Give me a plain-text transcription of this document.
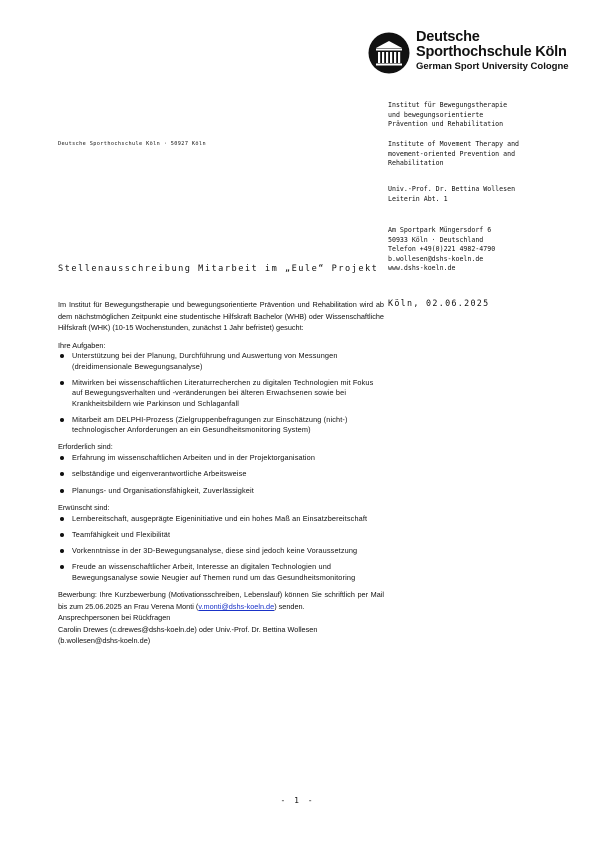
Deutsche
Sporthochschule Köln
German Sport University Cologne
Institut für Bewegungstherapie
und bewegungsorientierte
Prävention und Rehabilitation
Institute of Movement Therapy and
movement-oriented Prevention and
Rehabilitation
Univ.-Prof. Dr. Bettina Wollesen
Leiterin Abt. 1
Am Sportpark Müngersdorf 6
50933 Köln · Deutschland
Telefon +49(0)221 4982-4790
b.wollesen@dshs-koeln.de
www.dshs-koeln.de
Köln, 02.06.2025
Deutsche Sporthochschule Köln · 50927 Köln
Stellenausschreibung Mitarbeit im „Eule“ Projekt

Im Institut für Bewegungstherapie und bewegungsorientierte Prävention und Rehabilitation wird ab dem nächstmöglichen Zeitpunkt eine studentische Hilfskraft Bachelor (WHB) oder Wissenschaftliche Hilfskraft (WHK) (10-15 Wochenstunden, zunächst 1 Jahr befristet) gesucht:

Ihre Aufgaben:

Unterstützung bei der Planung, Durchführung und Auswertung von Messungen (dreidimensionale Bewegungsanalyse)
Mitwirken bei wissenschaftlichen Literaturrecherchen zu digitalen Technologien mit Fokus auf Bewegungsverhalten und -veränderungen bei älteren Erwachsenen sowie bei Krankheitsbildern wie Parkinson und Schlaganfall
Mitarbeit am DELPHI-Prozess (Zielgruppenbefragungen zur Einschätzung (nicht-) technologischer Anforderungen an ein Gesundheitsmonitoring System)

Erforderlich sind:

Erfahrung im wissenschaftlichen Arbeiten und in der Projektorganisation
selbständige und eigenverantwortliche Arbeitsweise
Planungs- und Organisationsfähigkeit, Zuverlässigkeit

Erwünscht sind:

Lernbereitschaft, ausgeprägte Eigeninitiative und ein hohes Maß an Einsatzbereitschaft
Teamfähigkeit und Flexibilität
Vorkenntnisse in der 3D-Bewegungsanalyse, diese sind jedoch keine Voraussetzung
Freude an wissenschaftlicher Arbeit, Interesse an digitalen Technologien und Bewegungsanalyse sowie Neugier auf Themen rund um das Gesundheitsmonitoring

Bewerbung: Ihre Kurzbewerbung (Motivationsschreiben, Lebenslauf) können Sie schriftlich per Mail bis zum 25.06.2025 an Frau Verena Monti (v.monti@dshs-koeln.de) senden.

Ansprechpersonen bei Rückfragen

Carolin Drewes (c.drewes@dshs-koeln.de) oder Univ.-Prof. Dr. Bettina Wollesen

(b.wollesen@dshs-koeln.de)

- 1 -
